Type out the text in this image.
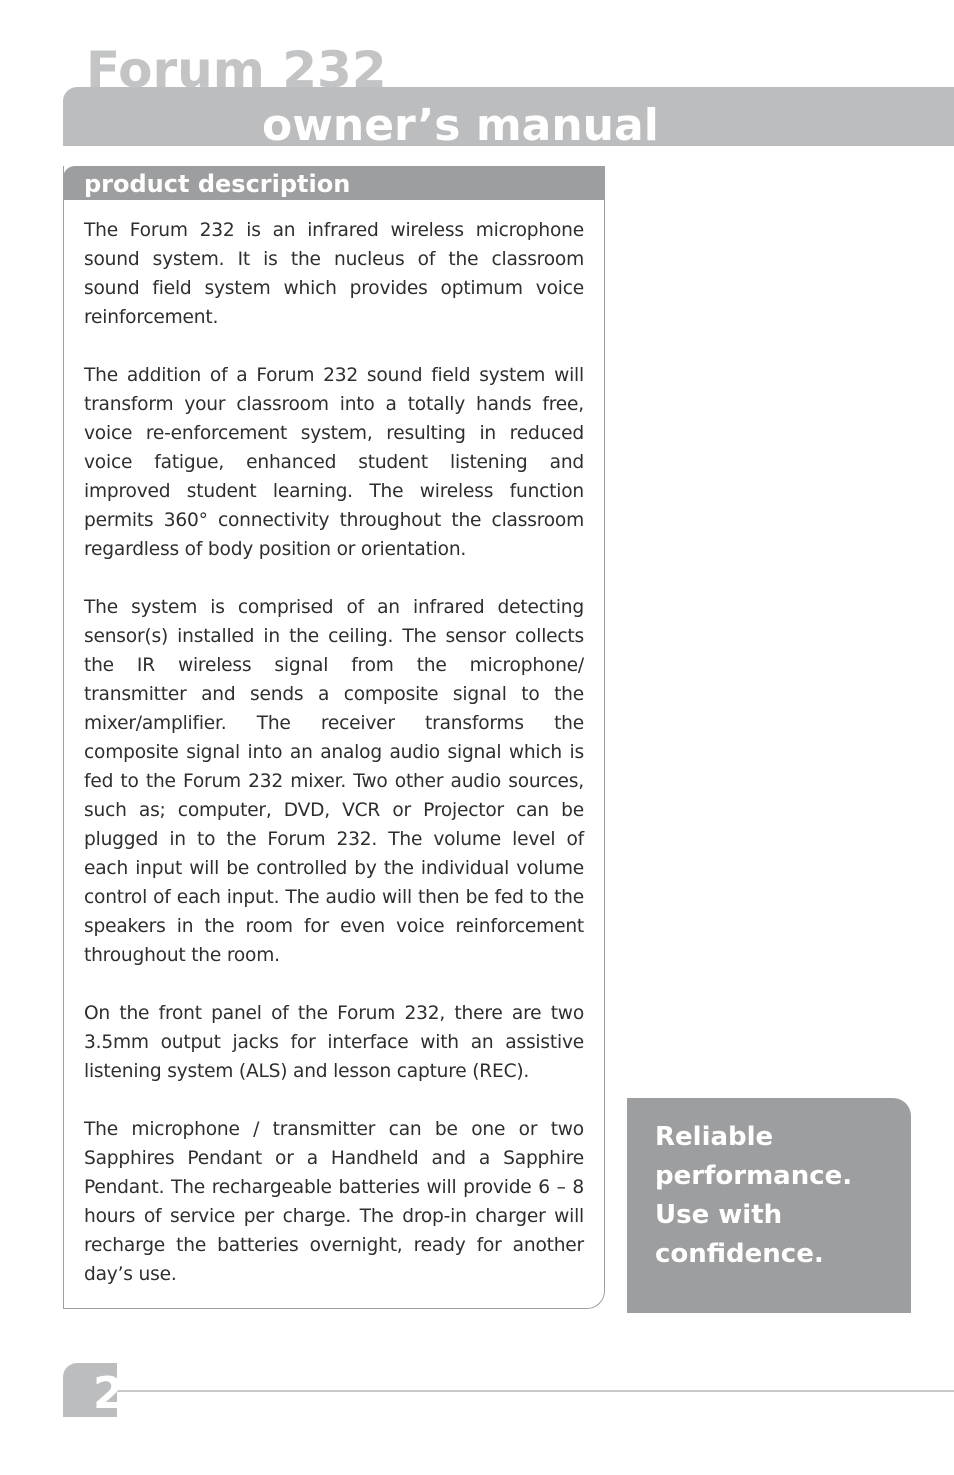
Forum 232
owner’s manual
product description

The Forum 232 is an infrared wireless microphone sound system. It is the nucleus of the classroom sound field system which provides optimum voice reinforcement.

The addition of a Forum 232 sound field system will transform your classroom into a totally hands free, voice re-enforcement system, resulting in reduced voice fatigue, enhanced student listening and improved student learning. The wireless function permits 360° connectivity throughout the classroom regardless of body position or orientation.

The system is comprised of an infrared detecting sensor(s) installed in the ceiling. The sensor collects the IR wireless signal from the microphone/ transmitter and sends a composite signal to the mixer/amplifier. The receiver transforms the composite signal into an analog audio signal which is fed to the Forum 232 mixer. Two other audio sources, such as; computer, DVD, VCR or Projector can be plugged in to the Forum 232. The volume level of each input will be controlled by the individual volume control of each input. The audio will then be fed to the speakers in the room for even voice reinforcement throughout the room.

On the front panel of the Forum 232, there are two 3.5mm output jacks for interface with an assistive listening system (ALS) and lesson capture (REC).

The microphone / transmitter can be one or two Sapphires Pendant or a Handheld and a Sapphire Pendant. The rechargeable batteries will provide 6 – 8 hours of service per charge. The drop-in charger will recharge the batteries overnight, ready for another day’s use.

Reliable performance. Use with confidence.
2
